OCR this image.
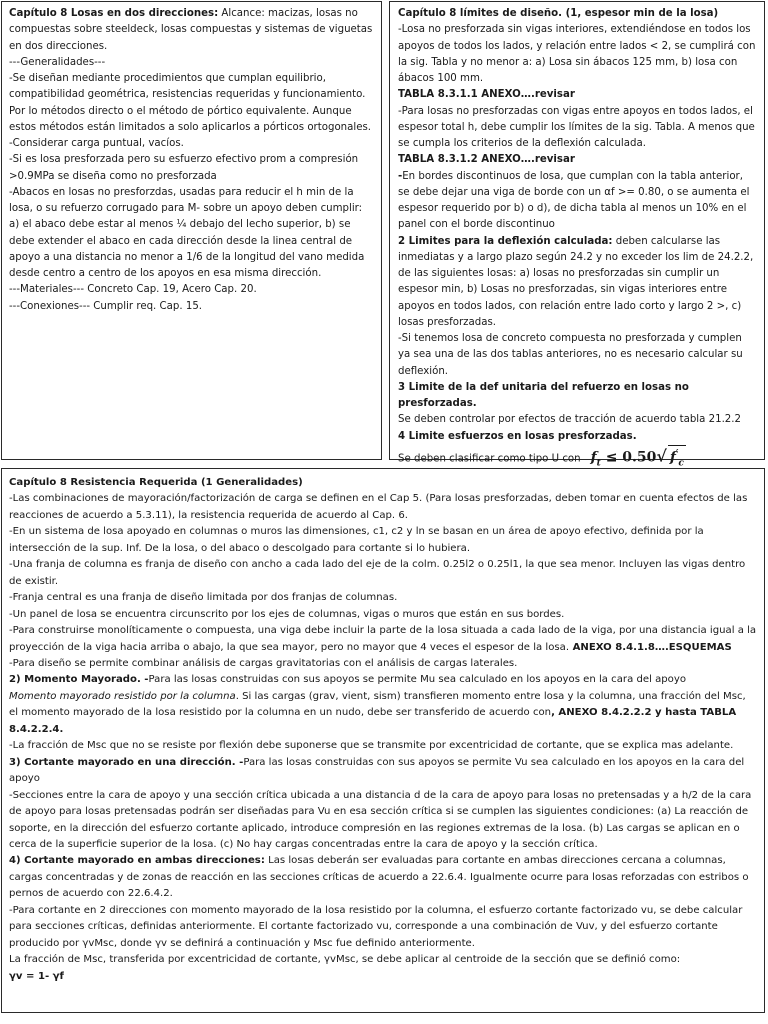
Capítulo 8 Losas en dos direcciones: Alcance: macizas, losas no compuestas sobre steeldeck, losas compuestas y sistemas de viguetas en dos direcciones.

---Generalidades---

-Se diseñan mediante procedimientos que cumplan equilibrio, compatibilidad geométrica, resistencias requeridas y funcionamiento. Por lo métodos directo o el método de pórtico equivalente. Aunque estos métodos están limitados a solo aplicarlos a pórticos ortogonales.

-Considerar carga puntual, vacíos.

-Si es losa presforzada pero su esfuerzo efectivo prom a compresión >0.9MPa se diseña como no presforzada

-Abacos en losas no presforzdas, usadas para reducir el h min de la losa, o su refuerzo corrugado para M- sobre un apoyo deben cumplir: a) el abaco debe estar al menos ¼ debajo del lecho superior, b) se debe extender el abaco en cada dirección desde la linea central de apoyo a una distancia no menor a 1/6 de la longitud del vano medida desde centro a centro de los apoyos en esa misma dirección.

---Materiales--- Concreto Cap. 19, Acero Cap. 20.

---Conexiones--- Cumplir req. Cap. 15.

Capítulo 8 límites de diseño. (1, espesor min de la losa)

-Losa no presforzada sin vigas interiores, extendiéndose en todos los apoyos de todos los lados, y relación entre lados < 2, se cumplirá con la sig. Tabla y no menor a: a) Losa sin ábacos 125 mm, b) losa con ábacos 100 mm.

TABLA 8.3.1.1 ANEXO….revisar

-Para losas no presforzadas con vigas entre apoyos en todos lados, el espesor total h, debe cumplir los límites de la sig. Tabla. A menos que se cumpla los criterios de la deflexión calculada.

TABLA 8.3.1.2 ANEXO….revisar

-En bordes discontinuos de losa, que cumplan con la tabla anterior, se debe dejar una viga de borde con un αf >= 0.80, o se aumenta el espesor requerido por b) o d), de dicha tabla al menos un 10% en el panel con el borde discontinuo

2 Limites para la deflexión calculada: deben calcularse las inmediatas y a largo plazo según 24.2 y no exceder los lim de 24.2.2, de las siguientes losas: a) losas no presforzadas sin cumplir un espesor min, b) Losas no presforzadas, sin vigas interiores entre apoyos en todos lados, con relación entre lado corto y largo 2 >, c) losas presforzadas.

-Si tenemos losa de concreto compuesta no presforzada y cumplen ya sea una de las dos tablas anteriores, no es necesario calcular su deflexión.

3 Limite de la def unitaria del refuerzo en losas no presforzadas.

Se deben controlar por efectos de tracción de acuerdo tabla 21.2.2

4 Limite esfuerzos en losas presforzadas.

Se deben clasificar como tipo U con $f_t \le 0.50√$ $f'_c$

Capítulo 8 Resistencia Requerida (1 Generalidades)

-Las combinaciones de mayoración/factorización de carga se definen en el Cap 5. (Para losas presforzadas, deben tomar en cuenta efectos de las reacciones de acuerdo a 5.3.11), la resistencia requerida de acuerdo al Cap. 6.

-En un sistema de losa apoyado en columnas o muros las dimensiones, c1, c2 y ln se basan en un área de apoyo efectivo, definida por la intersección de la sup. Inf. De la losa, o del abaco o descolgado para cortante si lo hubiera.

-Una franja de columna es franja de diseño con ancho a cada lado del eje de la colm. 0.25l2 o 0.25l1, la que sea menor. Incluyen las vigas dentro de existir.

-Franja central es una franja de diseño limitada por dos franjas de columnas.

-Un panel de losa se encuentra circunscrito por los ejes de columnas, vigas o muros que están en sus bordes.

-Para construirse monolíticamente o compuesta, una viga debe incluir la parte de la losa situada a cada lado de la viga, por una distancia igual a la proyección de la viga hacia arriba o abajo, la que sea mayor, pero no mayor que 4 veces el espesor de la losa. ANEXO 8.4.1.8….ESQUEMAS

-Para diseño se permite combinar análisis de cargas gravitatorias con el análisis de cargas laterales.

2) Momento Mayorado. -Para las losas construidas con sus apoyos se permite Mu sea calculado en los apoyos en la cara del apoyo

Momento mayorado resistido por la columna. Si las cargas (grav, vient, sism) transfieren momento entre losa y la columna, una fracción del Msc, el momento mayorado de la losa resistido por la columna en un nudo, debe ser transferido de acuerdo con, ANEXO 8.4.2.2.2 y hasta TABLA 8.4.2.2.4.

-La fracción de Msc que no se resiste por flexión debe suponerse que se transmite por excentricidad de cortante, que se explica mas adelante.

3) Cortante mayorado en una dirección. -Para las losas construidas con sus apoyos se permite Vu sea calculado en los apoyos en la cara del apoyo

-Secciones entre la cara de apoyo y una sección crítica ubicada a una distancia d de la cara de apoyo para losas no pretensadas y a h/2 de la cara de apoyo para losas pretensadas podrán ser diseñadas para Vu en esa sección crítica si se cumplen las siguientes condiciones: (a) La reacción de soporte, en la dirección del esfuerzo cortante aplicado, introduce compresión en las regiones extremas de la losa. (b) Las cargas se aplican en o cerca de la superficie superior de la losa. (c) No hay cargas concentradas entre la cara de apoyo y la sección crítica.

4) Cortante mayorado en ambas direcciones: Las losas deberán ser evaluadas para cortante en ambas direcciones cercana a columnas, cargas concentradas y de zonas de reacción en las secciones críticas de acuerdo a 22.6.4. Igualmente ocurre para losas reforzadas con estribos o pernos de acuerdo con 22.6.4.2.

-Para cortante en 2 direcciones con momento mayorado de la losa resistido por la columna, el esfuerzo cortante factorizado vu, se debe calcular para secciones críticas, definidas anteriormente. El cortante factorizado vu, corresponde a una combinación de Vuv, y del esfuerzo cortante producido por γvMsc, donde γv se definirá a continuación y Msc fue definido anteriormente.

La fracción de Msc, transferida por excentricidad de cortante, γvMsc, se debe aplicar al centroide de la sección que se definió como:

γv = 1- γf
